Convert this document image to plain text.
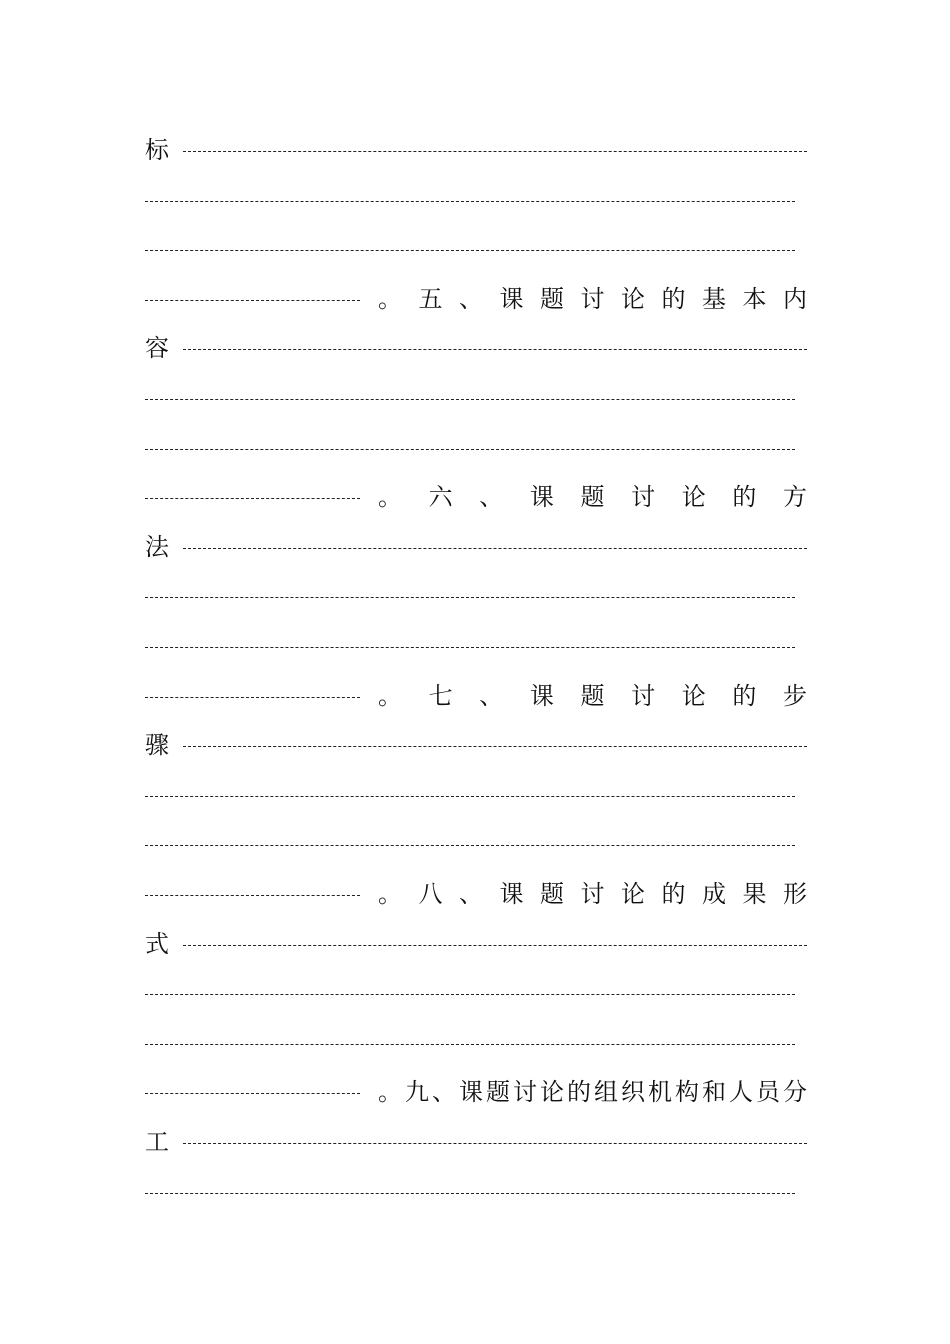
标
。 五 、 课 题 讨 论 的 基 本 内
容
。 六 、 课 题 讨 论 的 方
法
。 七 、 课 题 讨 论 的 步
骤
。 八 、 课 题 讨 论 的 成 果 形
式
。 九 、 课 题 讨 论 的 组 织 机 构 和 人 员 分
工
